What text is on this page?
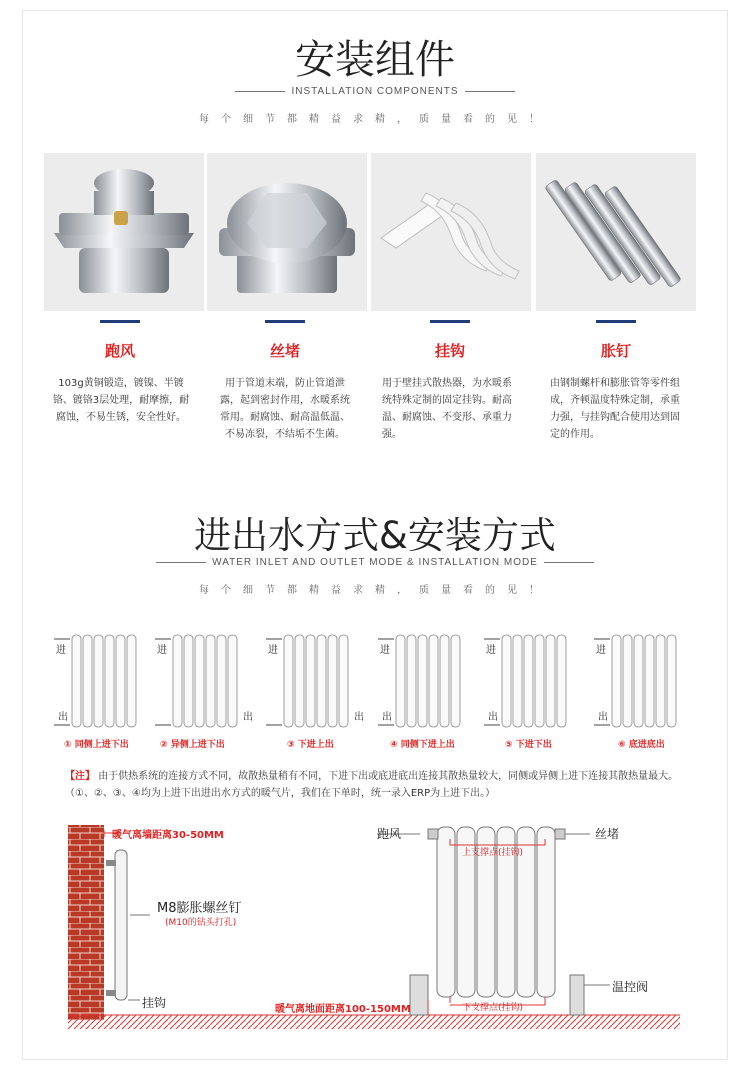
安装组件
INSTALLATION COMPONENTS
每个细节都精益求精，质量看的见！
跑风	丝堵	挂钩	胀钉
103g黄铜锻造，镀镍、半镀铬、镀铬3层处理，耐摩擦，耐腐蚀，不易生锈，安全性好。
用于管道末端，防止管道泄露，起到密封作用，水暖系统常用。耐腐蚀、耐高温低温、不易冻裂，不结垢不生菌。
用于壁挂式散热器，为水暖系统特殊定制的固定挂钩。耐高温、耐腐蚀、不变形、承重力强。
由钢制螺杆和膨胀管等零件组成，齐顿温度特殊定制，承重力强，与挂钩配合使用达到固定的作用。
进出水方式&安装方式
WATER INLET AND OUTLET MODE & INSTALLATION MODE
每个细节都精益求精，质量看的见！
进
出
进
出
进
出
进
出
进
出
进
出
① 同侧上进下出	② 异侧上进下出	③ 下进上出	④ 同侧下进上出	⑤ 下进下出	⑥ 底进底出
【注】 由于供热系统的连接方式不同，故散热量稍有不同，下进下出或底进底出连接其散热量较大，同侧或异侧上进下连接其散热量最大。（①、②、③、④均为上进下出进出水方式的暖气片，我们在下单时，统一录入ERP为上进下出。）
暖气离墙距离30-50MM
M8膨胀螺丝钉
(M10的钻头打孔)
挂钩
跑风	丝堵
上支撑点(挂钩)
下支撑点(挂钩)
暖气离地面距离100-150MM
温控阀
